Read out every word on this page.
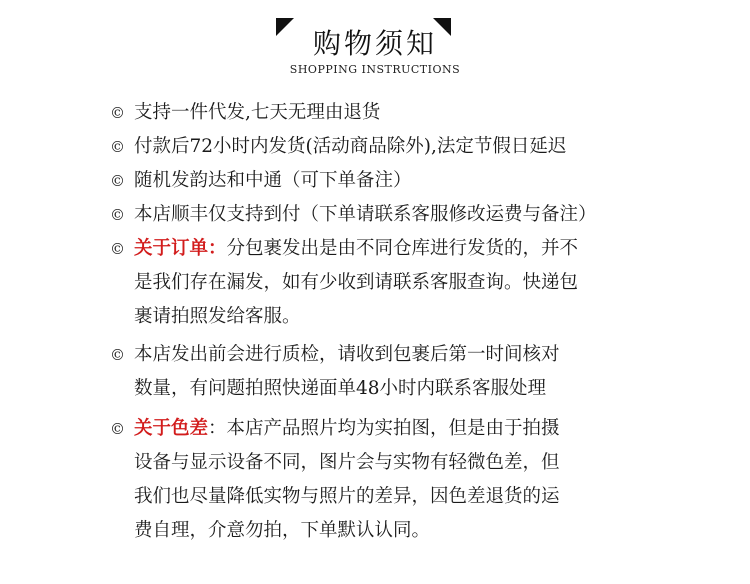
购物须知
SHOPPING INSTRUCTIONS
© 支持一件代发,七天无理由退货
© 付款后72小时内发货(活动商品除外),法定节假日延迟
© 随机发韵达和中通（可下单备注）
© 本店顺丰仅支持到付（下单请联系客服修改运费与备注）
© 关于订单：分包裹发出是由不同仓库进行发货的，并不
是我们存在漏发，如有少收到请联系客服查询。快递包
裹请拍照发给客服。
© 本店发出前会进行质检，请收到包裹后第一时间核对
数量，有问题拍照快递面单48小时内联系客服处理
© 关于色差：本店产品照片均为实拍图，但是由于拍摄
设备与显示设备不同，图片会与实物有轻微色差，但
我们也尽量降低实物与照片的差异，因色差退货的运
费自理，介意勿拍，下单默认认同。
